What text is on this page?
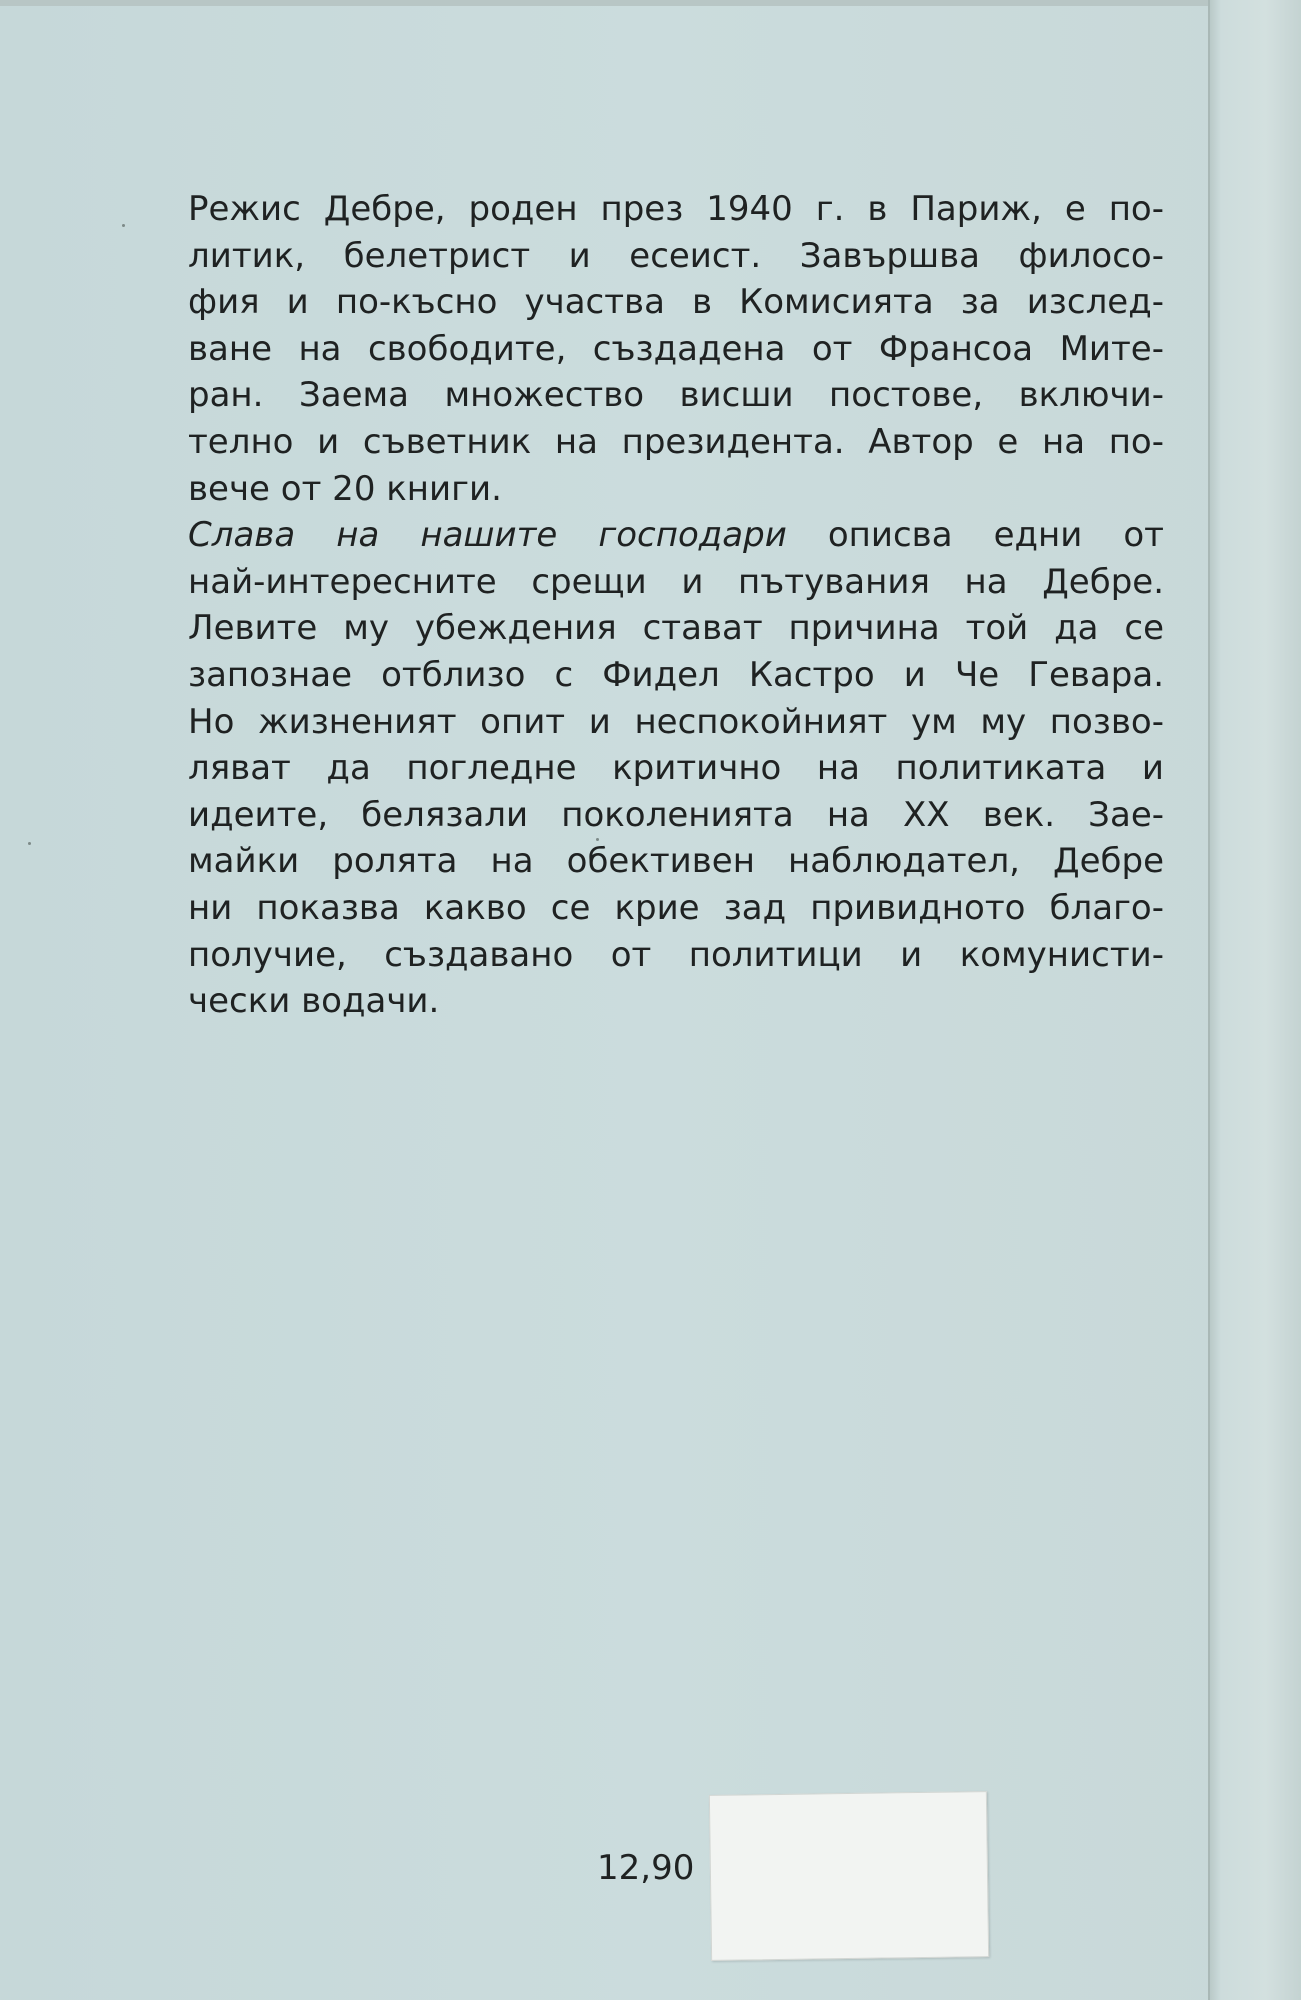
Режис Дебре, роден през 1940 г. в Париж, е по-
литик, белетрист и есеист. Завършва филосо-
фия и по-късно участва в Комисията за изслед-
ване на свободите, създадена от Франсоа Мите-
ран. Заема множество висши постове, включи-
телно и съветник на президента. Автор е на по-
вече от 20 книги.
Слава на нашите господари описва едни от
най-интересните срещи и пътувания на Дебре.
Левите му убеждения стават причина той да се
запознае отблизо с Фидел Кастро и Че Гевара.
Но жизненият опит и неспокойният ум му позво-
ляват да погледне критично на политиката и
идеите, белязали поколенията на XX век. Зае-
майки ролята на обективен наблюдател, Дебре
ни показва какво се крие зад привидното благо-
получие, създавано от политици и комунисти-
чески водачи.
12,90
